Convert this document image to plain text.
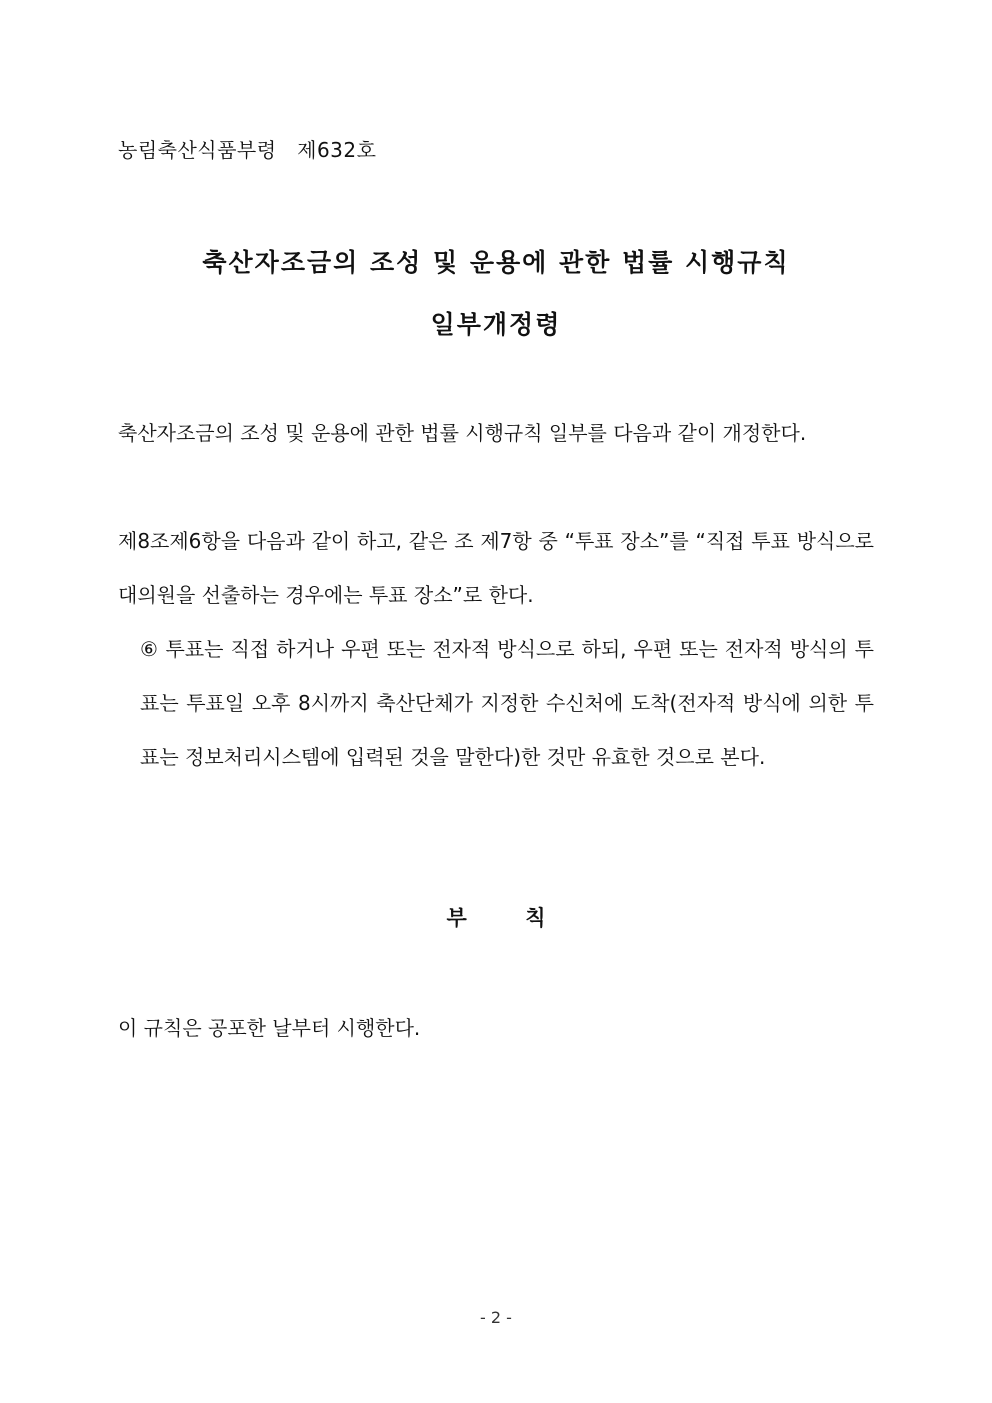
농림축산식품부령   제632호
축산자조금의 조성 및 운용에 관한 법률 시행규칙
일부개정령
축산자조금의 조성 및 운용에 관한 법률 시행규칙 일부를 다음과 같이 개정한다.
제8조제6항을 다음과 같이 하고, 같은 조 제7항 중 “투표 장소”를 “직접 투표 방식으로 대의원을 선출하는 경우에는 투표 장소”로 한다.
⑥ 투표는 직접 하거나 우편 또는 전자적 방식으로 하되, 우편 또는 전자적 방식의 투표는 투표일 오후 8시까지 축산단체가 지정한 수신처에 도착(전자적 방식에 의한 투표는 정보처리시스템에 입력된 것을 말한다)한 것만 유효한 것으로 본다.
부        칙
이 규칙은 공포한 날부터 시행한다.
- 2 -
